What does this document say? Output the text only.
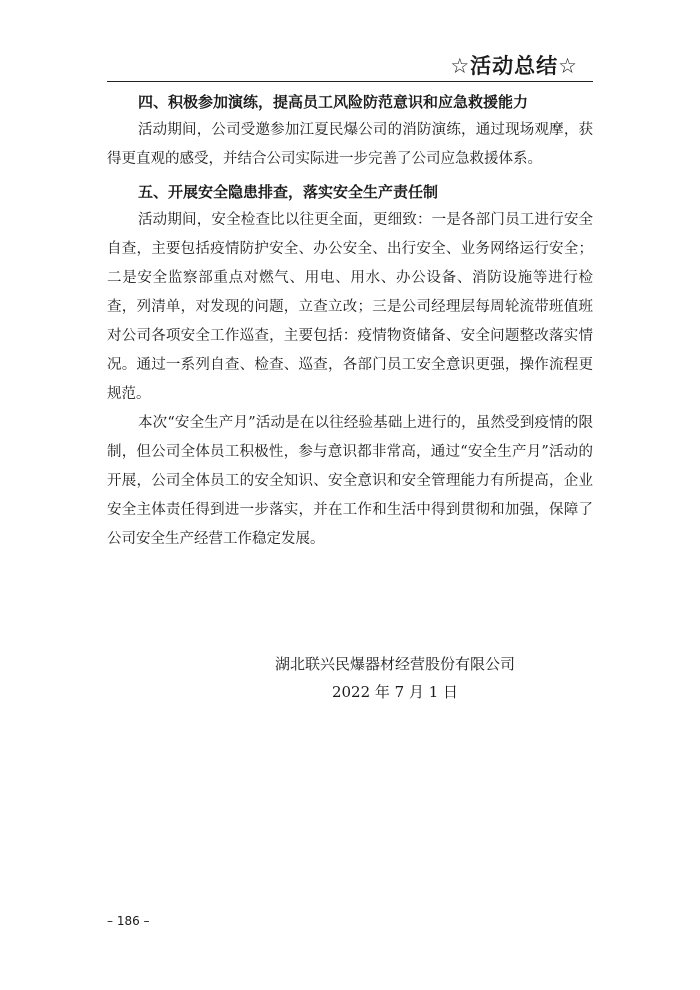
☆活动总结☆

四、积极参加演练，提高员工风险防范意识和应急救援能力

活动期间，公司受邀参加江夏民爆公司的消防演练，通过现场观摩，获得更直观的感受，并结合公司实际进一步完善了公司应急救援体系。

五、开展安全隐患排查，落实安全生产责任制

活动期间，安全检查比以往更全面，更细致：一是各部门员工进行安全自查，主要包括疫情防护安全、办公安全、出行安全、业务网络运行安全；二是安全监察部重点对燃气、用电、用水、办公设备、消防设施等进行检查，列清单，对发现的问题，立查立改；三是公司经理层每周轮流带班值班对公司各项安全工作巡查，主要包括：疫情物资储备、安全问题整改落实情况。通过一系列自查、检查、巡查，各部门员工安全意识更强，操作流程更规范。

本次“安全生产月”活动是在以往经验基础上进行的，虽然受到疫情的限制，但公司全体员工积极性，参与意识都非常高，通过“安全生产月”活动的开展，公司全体员工的安全知识、安全意识和安全管理能力有所提高，企业安全主体责任得到进一步落实，并在工作和生活中得到贯彻和加强，保障了公司安全生产经营工作稳定发展。

湖北联兴民爆器材经营股份有限公司
2022 年 7 月 1 日
– 186 –
